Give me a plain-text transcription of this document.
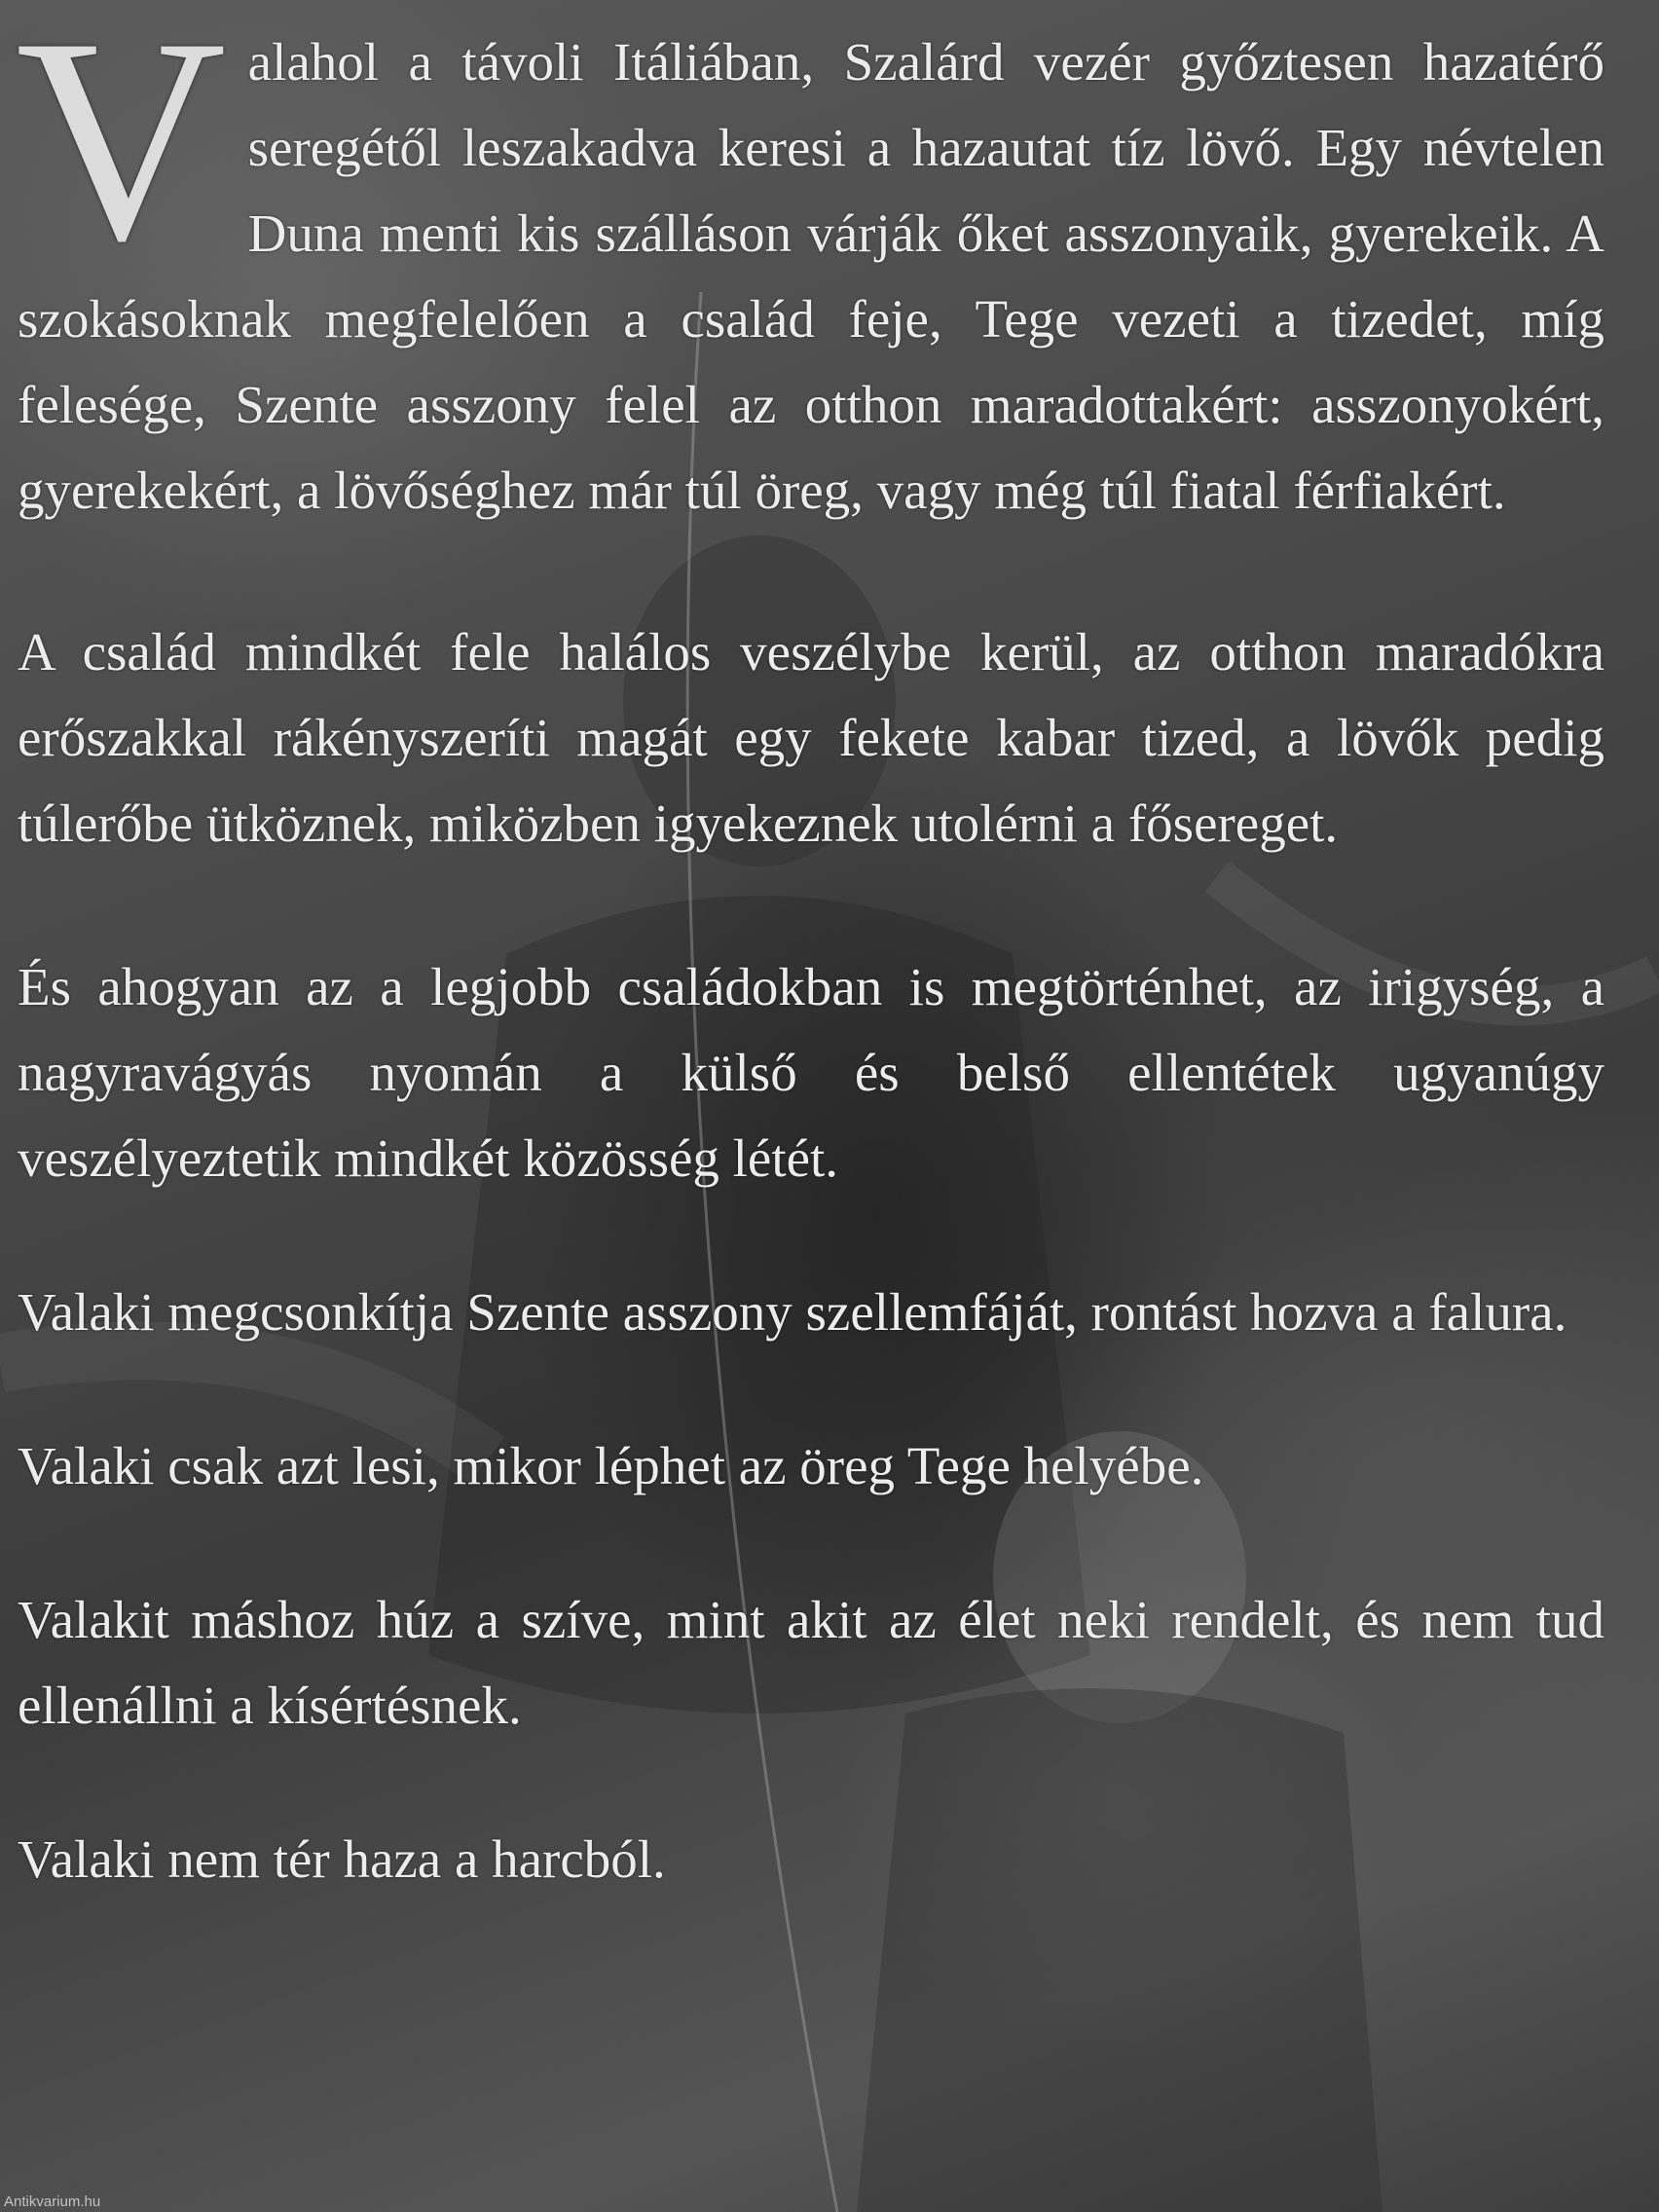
Valahol a távoli Itáliában, Szalárd vezér győztesen hazatérő seregétől leszakadva keresi a hazautat tíz lövő. Egy névtelen Duna menti kis szálláson várják őket asszonyaik, gyerekeik. A szokásoknak megfelelően a család feje, Tege vezeti a tizedet, míg felesége, Szente asszony felel az otthon maradottakért: asszonyokért, gyerekekért, a lövőséghez már túl öreg, vagy még túl fiatal férfiakért.

A család mindkét fele halálos veszélybe kerül, az otthon maradókra erőszakkal rákényszeríti magát egy fekete kabar tized, a lövők pedig túlerőbe ütköznek, miközben igyekeznek utolérni a fősereget.

És ahogyan az a legjobb családokban is megtörténhet, az irigység, a nagyravágyás nyomán a külső és belső ellentétek ugyanúgy veszélyeztetik mindkét közösség létét.

Valaki megcsonkítja Szente asszony szellemfáját, rontást hozva a falura.

Valaki csak azt lesi, mikor léphet az öreg Tege helyébe.

Valakit máshoz húz a szíve, mint akit az élet neki rendelt, és nem tud ellenállni a kísértésnek.

Valaki nem tér haza a harcból.

Antikvarium.hu
